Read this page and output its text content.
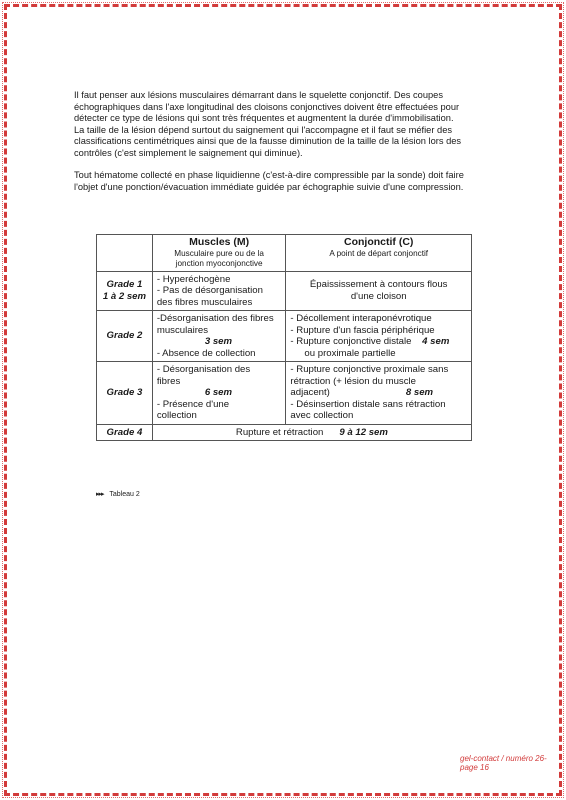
Il faut penser aux lésions musculaires démarrant dans le squelette conjonctif. Des coupes
échographiques dans l'axe longitudinal des cloisons conjonctives doivent être effectuées pour
détecter ce type de lésions qui sont très fréquentes et augmentent la durée d'immobilisation.
La taille de la lésion dépend surtout du saignement qui l'accompagne et il faut se méfier des
classifications centimétriques ainsi que de la fausse diminution de la taille de la lésion lors des
contrôles (c'est simplement le saignement qui diminue).
Tout hématome collecté en phase liquidienne (c'est-à-dire compressible par la sonde) doit faire
l'objet d'une ponction/évacuation immédiate guidée par échographie suivie d'une compression.

	Muscles (M)
Musculaire pure ou de la
jonction myoconjonctive	Conjonctif (C)
A point de départ conjonctif

Grade 1
1 à 2 sem	- Hyperéchogène
- Pas de désorganisation
des fibres musculaires	Épaississement à contours flous
d'une cloison

Grade 2	-Désorganisation des fibres
musculaires
3 sem
- Absence de collection	- Décollement interaponévrotique
- Rupture d'un fascia périphérique
- Rupture conjonctive distale 4 sem
ou proximale partielle

Grade 3	- Désorganisation des
fibres
6 sem
- Présence d'une
collection	- Rupture conjonctive proximale sans
rétraction (+ lésion du muscle
adjacent) 8 sem
- Désinsertion distale sans rétraction
avec collection

Grade 4	Rupture et rétraction 9 à 12 sem	
▸▸▸ Tableau 2
gel-contact / numéro 26- page 16
